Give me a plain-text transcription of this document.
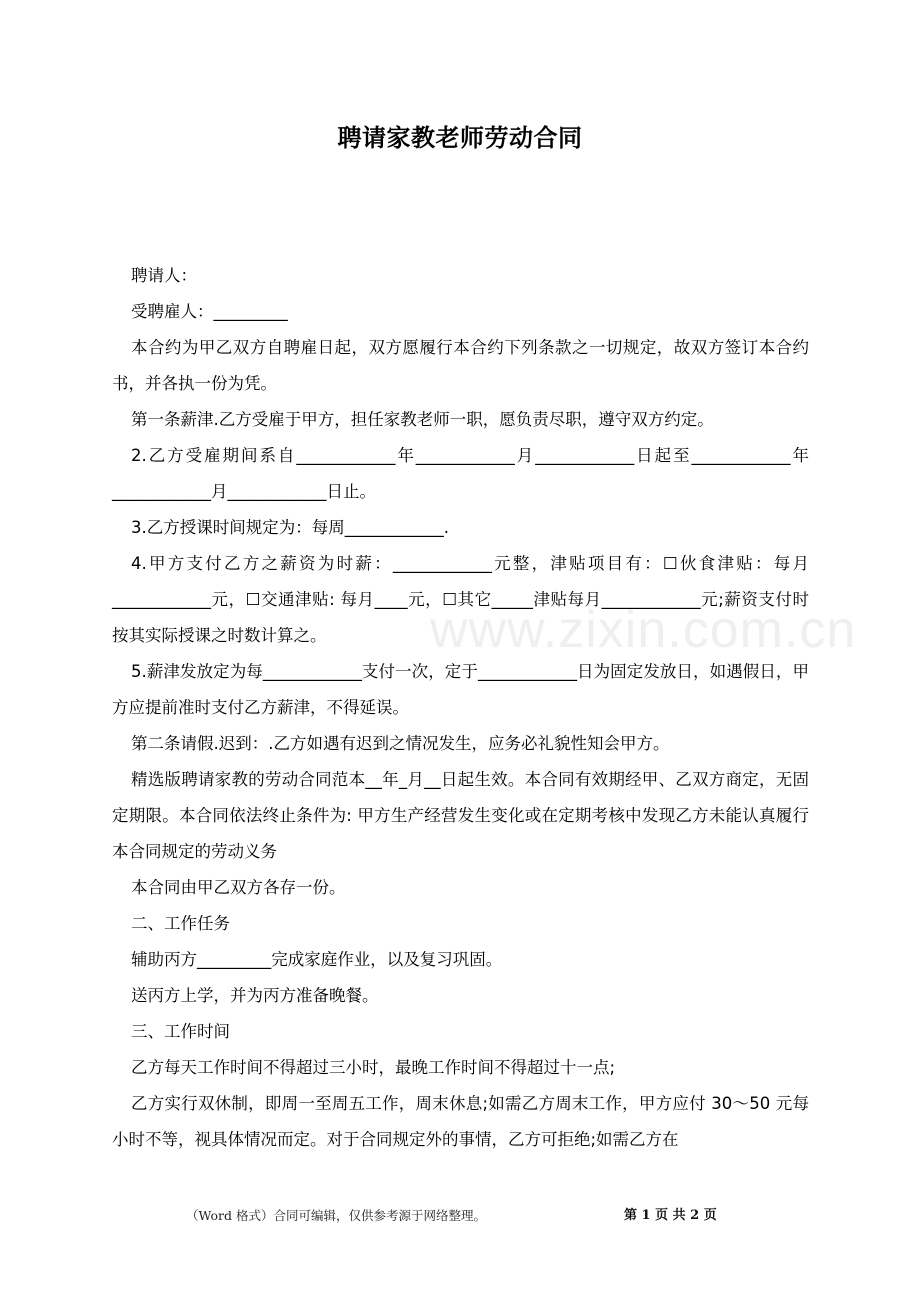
聘请家教老师劳动合同

聘请人：

受聘雇人：_________

本合约为甲乙双方自聘雇日起，双方愿履行本合约下列条款之一切规定，故双方签订本合约书，并各执一份为凭。

第一条薪津.乙方受雇于甲方，担任家教老师一职，愿负责尽职，遵守双方约定。

2.乙方受雇期间系自____________年____________月____________日起至____________年____________月____________日止。

3.乙方授课时间规定为：每周____________.

4.甲方支付乙方之薪资为时薪：____________元整，津贴项目有：☐伙食津贴：每月____________元，☐交通津贴: 每月____元，☐其它_____津贴每月____________元;薪资支付时按其实际授课之时数计算之。

5.薪津发放定为每____________支付一次，定于____________日为固定发放日，如遇假日，甲方应提前准时支付乙方薪津，不得延误。

第二条请假.迟到：.乙方如遇有迟到之情况发生，应务必礼貌性知会甲方。

精选版聘请家教的劳动合同范本__年_月__日起生效。本合同有效期经甲、乙双方商定，无固定期限。本合同依法终止条件为: 甲方生产经营发生变化或在定期考核中发现乙方未能认真履行本合同规定的劳动义务

本合同由甲乙双方各存一份。

二、工作任务

辅助丙方_________完成家庭作业，以及复习巩固。

送丙方上学，并为丙方准备晚餐。

三、工作时间

乙方每天工作时间不得超过三小时，最晚工作时间不得超过十一点;

乙方实行双休制，即周一至周五工作，周末休息;如需乙方周末工作，甲方应付 30～50 元每小时不等，视具体情况而定。对于合同规定外的事情，乙方可拒绝;如需乙方在

www.zixin.com.cn
（Word 格式）合同可编辑，仅供参考源于网络整理。	第 1 页 共 2 页
